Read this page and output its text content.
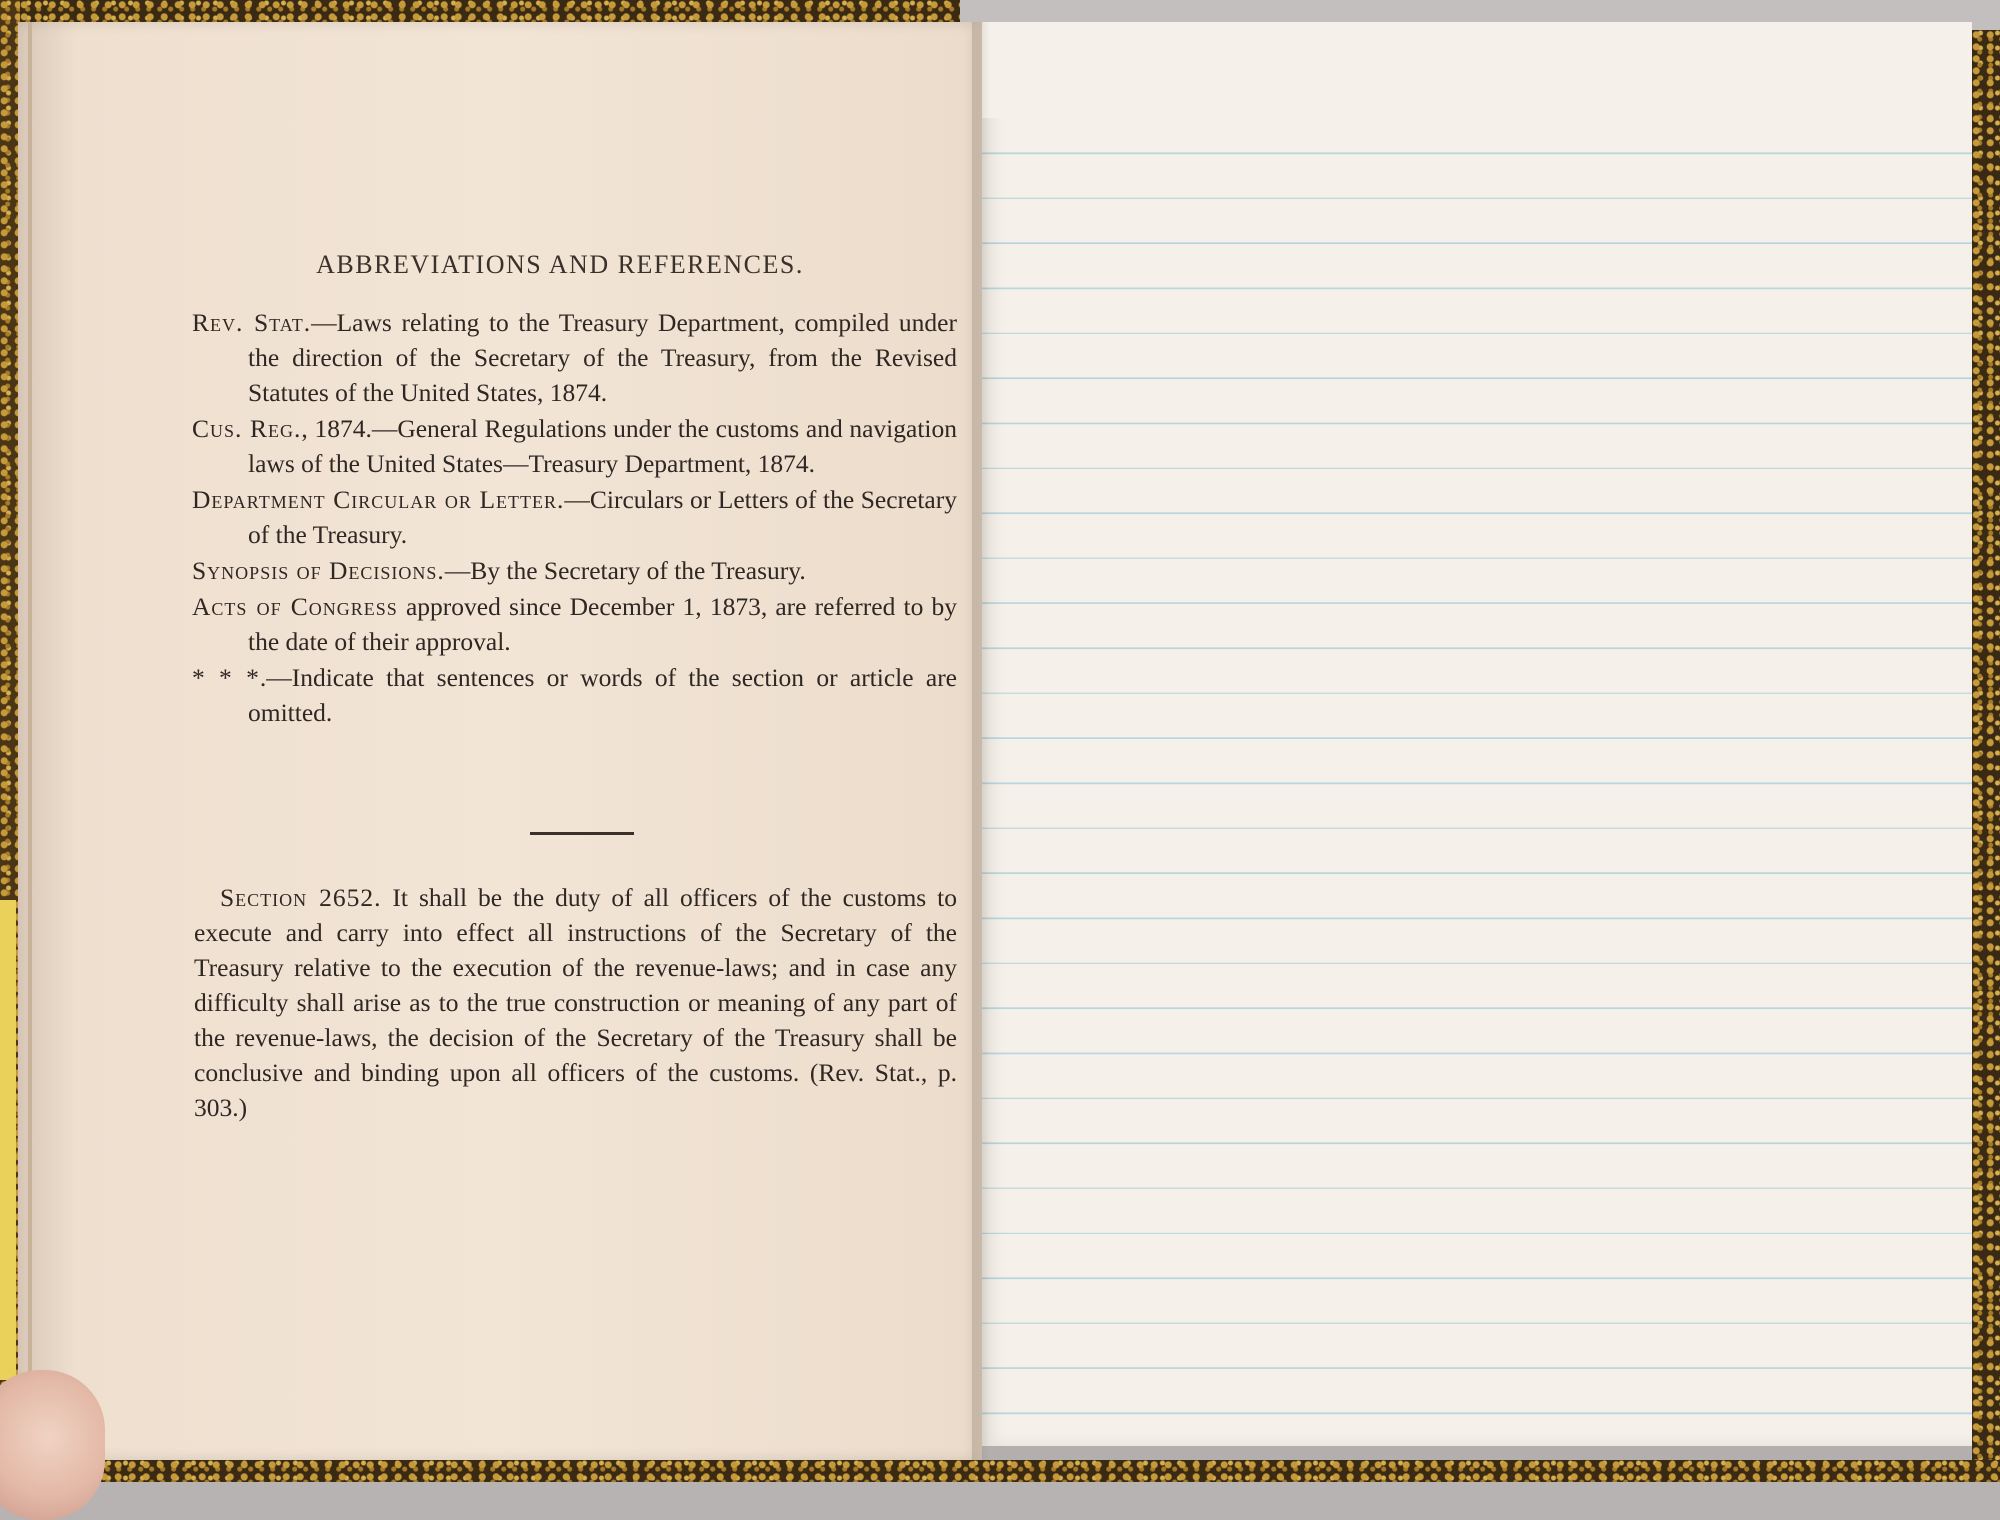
ABBREVIATIONS AND REFERENCES.

Rev. Stat.—Laws relating to the Treasury Department, compiled under the direction of the Secretary of the Treasury, from the Revised Statutes of the United States, 1874.

Cus. Reg., 1874.—General Regulations under the customs and navigation laws of the United States—Treasury Department, 1874.

Department Circular or Letter.—Circulars or Letters of the Secretary of the Treasury.

Synopsis of Decisions.—By the Secretary of the Treasury.

Acts of Congress approved since December 1, 1873, are referred to by the date of their approval.

* * *.—Indicate that sentences or words of the section or article are omitted.

Section 2652. It shall be the duty of all officers of the customs to execute and carry into effect all instructions of the Secretary of the Treasury relative to the execution of the revenue-laws; and in case any difficulty shall arise as to the true construction or meaning of any part of the revenue-laws, the decision of the Secretary of the Treasury shall be conclusive and binding upon all officers of the customs. (Rev. Stat., p. 303.)
